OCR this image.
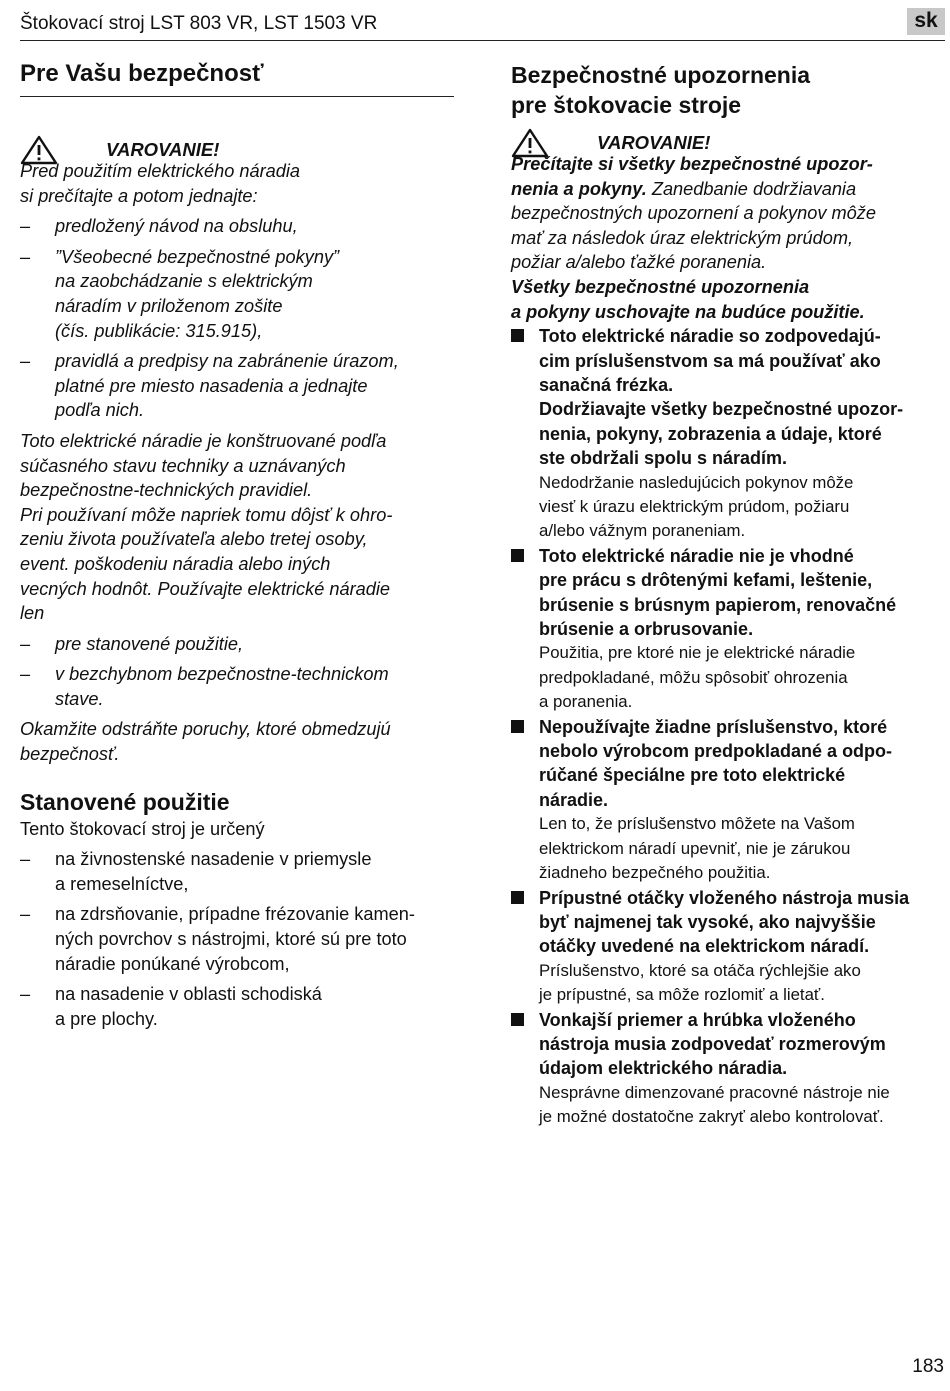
Štokovací stroj LST 803 VR, LST 1503 VR	sk
Pre Vašu bezpečnosť
VAROVANIE!
Pred použitím elektrického náradia
si prečítajte a potom jednajte:
– predložený návod na obsluhu,
– ”Všeobecné bezpečnostné pokyny”
na zaobchádzanie s elektrickým
náradím v priloženom zošite
(čís. publikácie: 315.915),
– pravidlá a predpisy na zabránenie úrazom,
platné pre miesto nasadenia a jednajte
podľa nich.
Toto elektrické náradie je konštruované podľa
súčasného stavu techniky a uznávaných
bezpečnostne-technických pravidiel.
Pri používaní môže napriek tomu dôjsť k ohro-
zeniu života používateľa alebo tretej osoby,
event. poškodeniu náradia alebo iných
vecných hodnôt. Používajte elektrické náradie
len
– pre stanovené použitie,
– v bezchybnom bezpečnostne-technickom
stave.
Okamžite odstráňte poruchy, ktoré obmedzujú
bezpečnosť.
Stanovené použitie
Tento štokovací stroj je určený
– na živnostenské nasadenie v priemysle
a remeselníctve,
– na zdrsňovanie, prípadne frézovanie kamen-
ných povrchov s nástrojmi, ktoré sú pre toto
náradie ponúkané výrobcom,
– na nasadenie v oblasti schodiská
a pre plochy.
Bezpečnostné upozornenia
pre štokovacie stroje
VAROVANIE!
Prečítajte si všetky bezpečnostné upozor-
nenia a pokyny. Zanedbanie dodržiavania
bezpečnostných upozornení a pokynov môže
mať za následok úraz elektrickým prúdom,
požiar a/alebo ťažké poranenia.
Všetky bezpečnostné upozornenia
a pokyny uschovajte na budúce použitie.
Toto elektrické náradie so zodpovedajú-
cim príslušenstvom sa má používať ako
sanačná frézka.
Dodržiavajte všetky bezpečnostné upozor-
nenia, pokyny, zobrazenia a údaje, ktoré
ste obdržali spolu s náradím.
Nedodržanie nasledujúcich pokynov môže
viesť k úrazu elektrickým prúdom, požiaru
a/lebo vážnym poraneniam.
Toto elektrické náradie nie je vhodné
pre prácu s drôtenými kefami, leštenie,
brúsenie s brúsnym papierom, renovačné
brúsenie a orbrusovanie.
Použitia, pre ktoré nie je elektrické náradie
predpokladané, môžu spôsobiť ohrozenia
a poranenia.
Nepoužívajte žiadne príslušenstvo, ktoré
nebolo výrobcom predpokladané a odpo-
rúčané špeciálne pre toto elektrické
náradie.
Len to, že príslušenstvo môžete na Vašom
elektrickom náradí upevniť, nie je zárukou
žiadneho bezpečného použitia.
Prípustné otáčky vloženého nástroja musia
byť najmenej tak vysoké, ako najvyššie
otáčky uvedené na elektrickom náradí.
Príslušenstvo, ktoré sa otáča rýchlejšie ako
je prípustné, sa môže rozlomiť a lietať.
Vonkajší priemer a hrúbka vloženého
nástroja musia zodpovedať rozmerovým
údajom elektrického náradia.
Nesprávne dimenzované pracovné nástroje nie
je možné dostatočne zakryť alebo kontrolovať.
183
